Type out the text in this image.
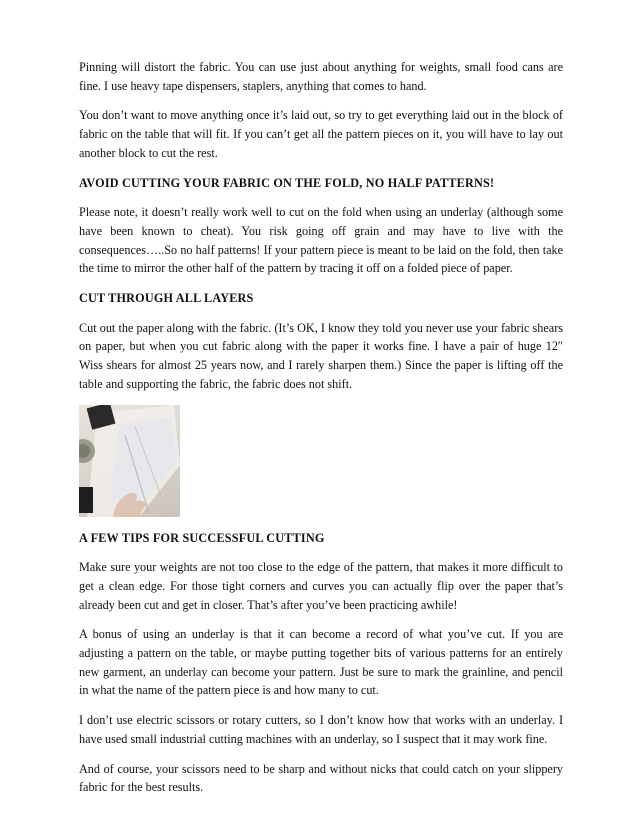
Pinning will distort the fabric. You can use just about anything for weights, small food cans are fine. I use heavy tape dispensers, staplers, anything that comes to hand.

You don’t want to move anything once it’s laid out, so try to get everything laid out in the block of fabric on the table that will fit. If you can’t get all the pattern pieces on it, you will have to lay out another block to cut the rest.

AVOID CUTTING YOUR FABRIC ON THE FOLD, NO HALF PATTERNS!

Please note, it doesn’t really work well to cut on the fold when using an underlay (although some have been known to cheat). You risk going off grain and may have to live with the consequences…..So no half patterns! If your pattern piece is meant to be laid on the fold, then take the time to mirror the other half of the pattern by tracing it off on a folded piece of paper.

CUT THROUGH ALL LAYERS

Cut out the paper along with the fabric. (It’s OK, I know they told you never use your fabric shears on paper, but when you cut fabric along with the paper it works fine. I have a pair of huge 12″ Wiss shears for almost 25 years now, and I rarely sharpen them.) Since the paper is lifting off the table and supporting the fabric, the fabric does not shift.

A FEW TIPS FOR SUCCESSFUL CUTTING

Make sure your weights are not too close to the edge of the pattern, that makes it more difficult to get a clean edge. For those tight corners and curves you can actually flip over the paper that’s already been cut and get in closer. That’s after you’ve been practicing awhile!

A bonus of using an underlay is that it can become a record of what you’ve cut. If you are adjusting a pattern on the table, or maybe putting together bits of various patterns for an entirely new garment, an underlay can become your pattern. Just be sure to mark the grainline, and pencil in what the name of the pattern piece is and how many to cut.

I don’t use electric scissors or rotary cutters, so I don’t know how that works with an underlay. I have used small industrial cutting machines with an underlay, so I suspect that it may work fine.

And of course, your scissors need to be sharp and without nicks that could catch on your slippery fabric for the best results.
